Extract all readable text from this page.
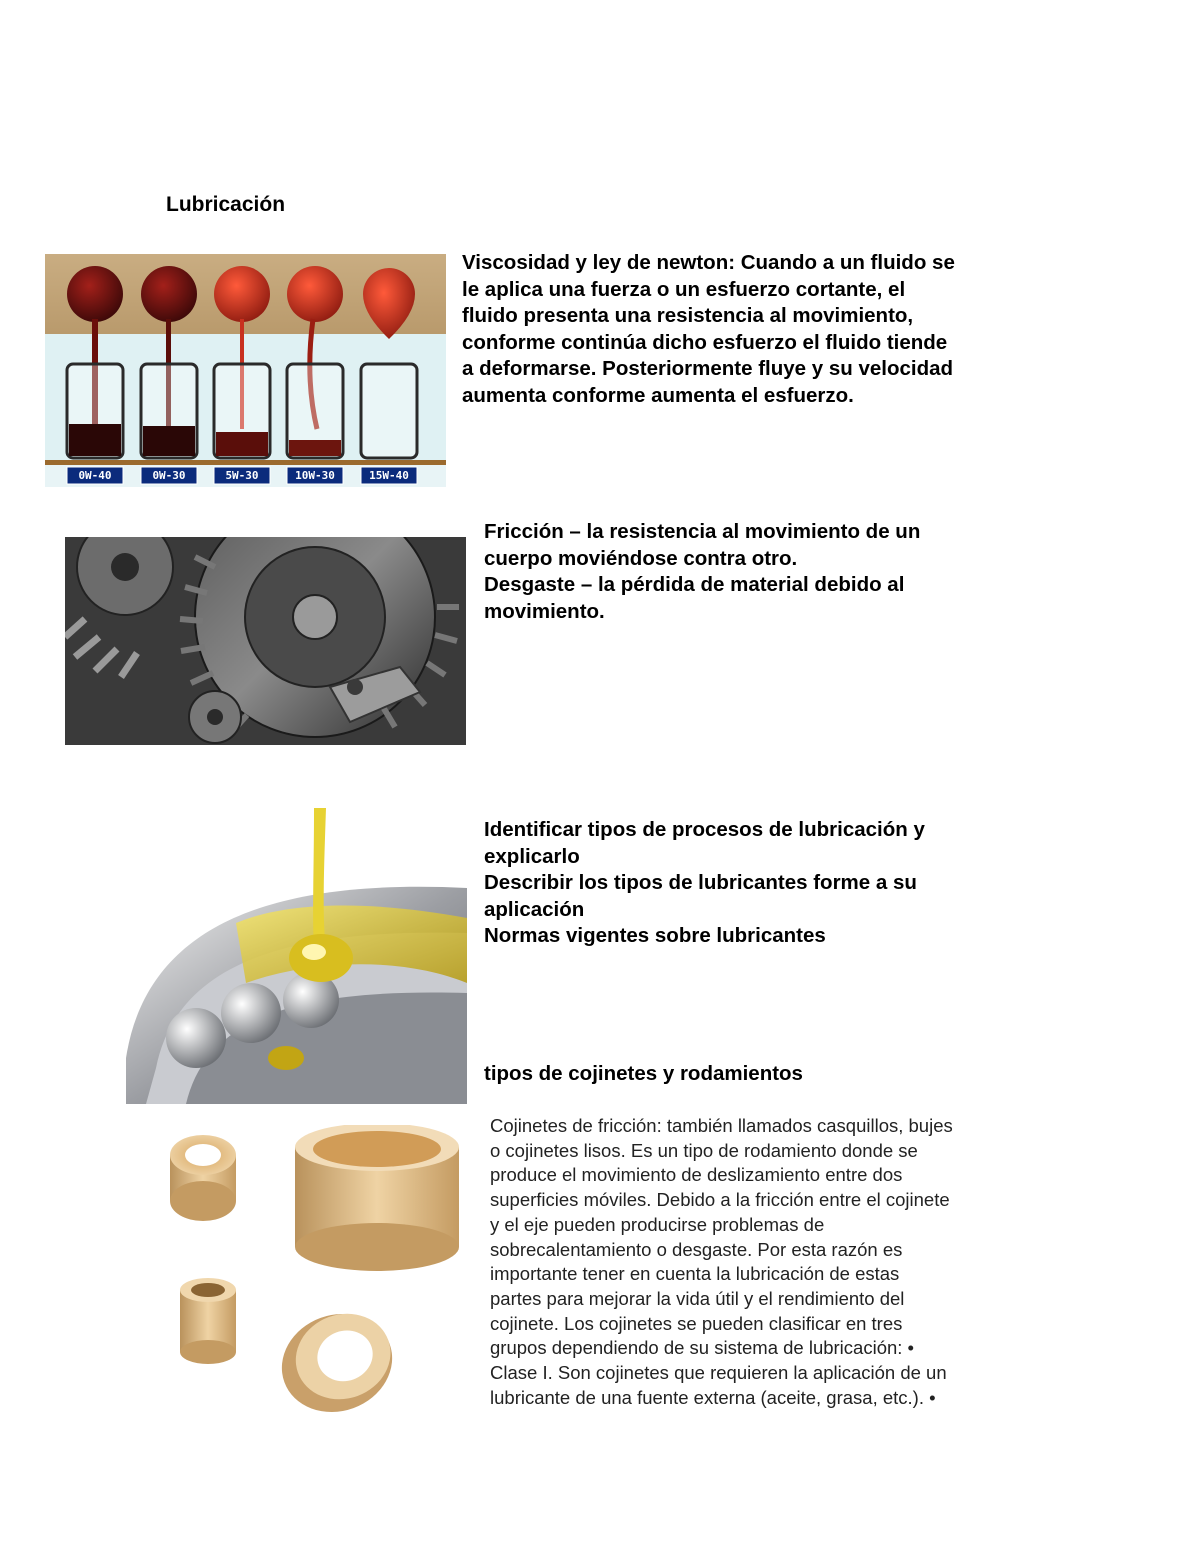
Lubricación
0W-40	0W-30	5W-30	10W-30	15W-40
Viscosidad y ley de newton: Cuando a un fluido se
le aplica una fuerza o un esfuerzo cortante, el
fluido presenta una resistencia al movimiento,
conforme continúa dicho esfuerzo el fluido tiende
a deformarse. Posteriormente fluye y su velocidad
aumenta conforme aumenta el esfuerzo.
Fricción – la resistencia al movimiento de un
cuerpo moviéndose contra otro.
Desgaste – la pérdida de material debido al
movimiento.
Identificar tipos de procesos de lubricación y
explicarlo
Describir los tipos de lubricantes forme a su
aplicación
Normas vigentes sobre lubricantes
tipos de cojinetes y rodamientos
Cojinetes de fricción: también llamados casquillos, bujes
o cojinetes lisos. Es un tipo de rodamiento donde se
produce el movimiento de deslizamiento entre dos
superficies móviles. Debido a la fricción entre el cojinete
y el eje pueden producirse problemas de
sobrecalentamiento o desgaste. Por esta razón es
importante tener en cuenta la lubricación de estas
partes para mejorar la vida útil y el rendimiento del
cojinete. Los cojinetes se pueden clasificar en tres
grupos dependiendo de su sistema de lubricación: •
Clase I. Son cojinetes que requieren la aplicación de un
lubricante de una fuente externa (aceite, grasa, etc.). •
